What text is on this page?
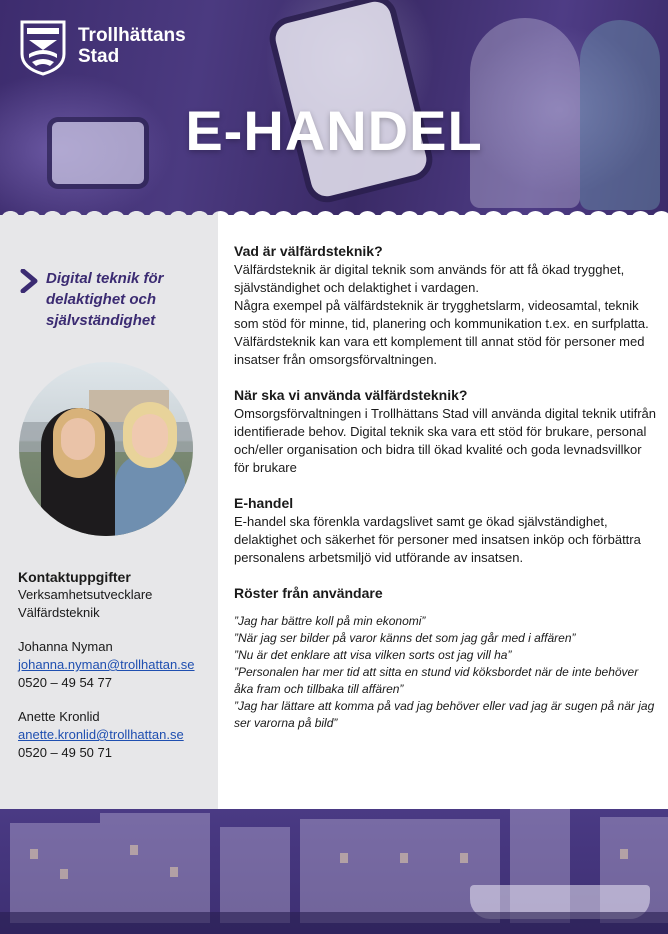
Trollhättans
Stad
E-HANDEL
Digital teknik för
delaktighet och
självständighet
Kontaktuppgifter
Verksamhetsutvecklare
Välfärdsteknik
Johanna Nyman
johanna.nyman@trollhattan.se
0520 – 49 54 77
Anette Kronlid
anette.kronlid@trollhattan.se
0520 – 49 50 71
Vad är välfärdsteknik?

Välfärdsteknik är digital teknik som används för att få ökad trygghet, självständighet och delaktighet i vardagen.

Några exempel på välfärdsteknik är trygghetslarm, videosamtal, teknik som stöd för minne, tid, planering och kommunikation t.ex. en surfplatta. Välfärdsteknik kan vara ett komplement till annat stöd för personer med insatser från omsorgsförvaltningen.

När ska vi använda välfärdsteknik?

Omsorgsförvaltningen i Trollhättans Stad vill använda digital teknik utifrån identifierade behov. Digital teknik ska vara ett stöd för brukare, personal och/eller organisation och bidra till ökad kvalité och goda levnadsvillkor för brukare

E-handel

E-handel ska förenkla vardagslivet samt ge ökad självständighet, delaktighet och säkerhet för personer med insatsen inköp och förbättra personalens arbetsmiljö vid utförande av insatsen.

Röster från användare

”Jag har bättre koll på min ekonomi”

”När jag ser bilder på varor känns det som jag går med i affären”

”Nu är det enklare att visa vilken sorts ost jag vill ha”

”Personalen har mer tid att sitta en stund vid köksbordet när de inte behöver åka fram och tillbaka till affären”

”Jag har lättare att komma på vad jag behöver eller vad jag är sugen på när jag ser varorna på bild”
